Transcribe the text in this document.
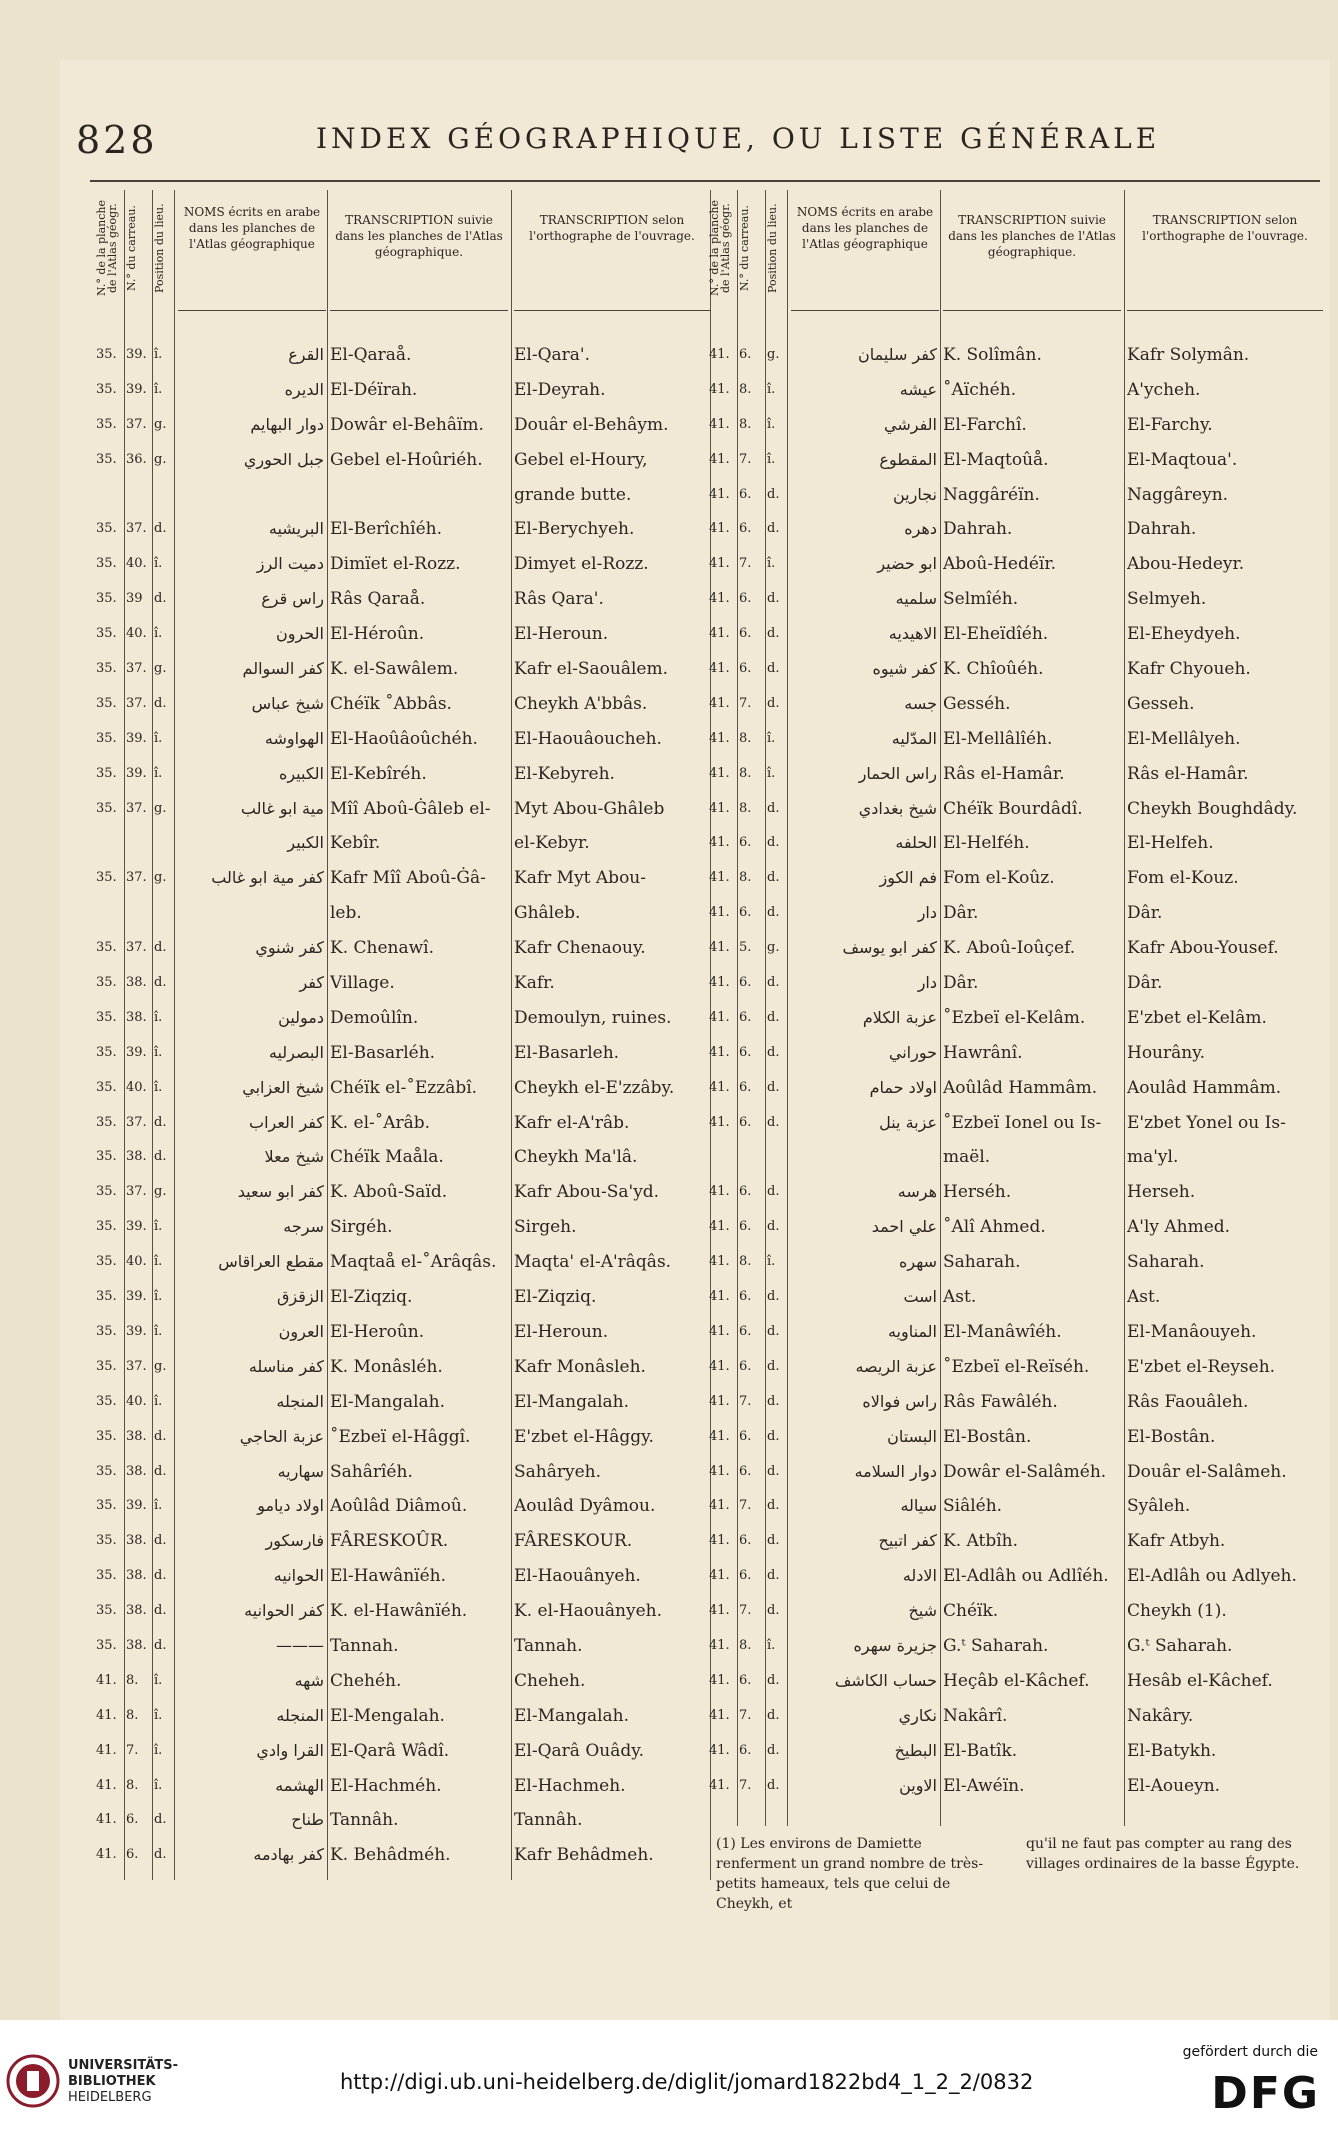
828	INDEX GÉOGRAPHIQUE, OU LISTE GÉNÉRALE
N.° de la planche de l'Atlas géogr. N.° du carreau.	Position du lieu.	NOMS écrits en arabe dans les planches de l'Atlas géographique
TRANSCRIPTION suivie dans les planches de l'Atlas géographique.
TRANSCRIPTION selon l'orthographe de l'ouvrage.
35. 39. î.	القرع El-Qaraå.	El-Qara'.
35. 39. î.	الديره El-Déïrah.	El-Deyrah.
35. 37. g.	دوار البهايم Dowâr el-Behâïm.	Douâr el-Behâym.
35. 36. g.	جبل الحوري Gebel el-Hoûriéh.	Gebel el-Houry,
grande butte.
35. 37. d.	البريشيه El-Berîchîéh.	El-Berychyeh.
35. 40. î.	دميت الرز Dimïet el-Rozz.	Dimyet el-Rozz.
35. 39 d.	راس قرع Râs Qaraå.	Râs Qara'.
35. 40. î.	الحرون El-Héroûn.	El-Heroun.
35. 37. g.	كفر السوالم K. el-Sawâlem.	Kafr el-Saouâlem.
35. 37. d.	شيخ عباس Chéïk ˚Abbâs.	Cheykh A'bbâs.
35. 39. î.	الهواوشه El-Haoûâoûchéh.	El-Haouâoucheh.
35. 39. î.	الكبيره El-Kebîréh.	El-Kebyreh.
35. 37. g.	مية ابو غالب Mîî Aboû-Ġâleb el-	Myt Abou-Ghâleb
الكبير Kebîr.	el-Kebyr.
35. 37. g.	كفر مية ابو غالب Kafr Mîî Aboû-Ġâ-	Kafr Myt Abou-
leb.	Ghâleb.
35. 37. d.	كفر شنوي K. Chenawî.	Kafr Chenaouy.
35. 38. d.	كفر Village.	Kafr.
35. 38. î.	دمولين Demoûlîn.	Demoulyn, ruines.
35. 39. î.	البصرليه El-Basarléh.	El-Basarleh.
35. 40. î.	شيخ العزابي Chéïk el-˚Ezzâbî.	Cheykh el-E'zzâby.
35. 37. d.	كفر العراب K. el-˚Arâb.	Kafr el-A'râb.
35. 38. d.	شيخ معلا Chéïk Maåla.	Cheykh Ma'lâ.
35. 37. g.	كفر ابو سعيد K. Aboû-Saïd.	Kafr Abou-Sa'yd.
35. 39. î.	سرجه Sirgéh.	Sirgeh.
35. 40. î.	مقطع العراقاس Maqtaå el-˚Arâqâs.	Maqta' el-A'râqâs.
35. 39. î.	الزقزق El-Ziqziq.	El-Ziqziq.
35. 39. î.	العرون El-Heroûn.	El-Heroun.
35. 37. g.	كفر مناسله K. Monâsléh.	Kafr Monâsleh.
35. 40. î.	المنجله El-Mangalah.	El-Mangalah.
35. 38. d.	عزبة الحاجي ˚Ezbeï el-Hâggî.	E'zbet el-Hâggy.
35. 38. d.	سهاريه Sahârîéh.	Sahâryeh.
35. 39. î.	اولاد ديامو Aoûlâd Diâmoû.	Aoulâd Dyâmou.
35. 38. d.	فارسكور FÂRESKOÛR.	FÂRESKOUR.
35. 38. d.	الحوانيه El-Hawânïéh.	El-Haouânyeh.
35. 38. d.	كفر الحوانيه K. el-Hawânïéh.	K. el-Haouânyeh.
35. 38. d.	——— Tannah.	Tannah.
41. 8.	î.	شهه Chehéh.	Cheheh.
41. 8.	î.	المنجله El-Mengalah.	El-Mangalah.
41. 7.	î.	القرا وادي El-Qarâ Wâdî.	El-Qarâ Ouâdy.
41. 8.	î.	الهشمه El-Hachméh.	El-Hachmeh.
41. 6.	d.	طناح Tannâh.	Tannâh.
41. 6.	d.	كفر بهادمه K. Behâdméh.	Kafr Behâdmeh.
N.° de la planche de l'Atlas géogr. N.° du carreau.	Position du lieu.	NOMS écrits en arabe dans les planches de l'Atlas géographique
TRANSCRIPTION suivie dans les planches de l'Atlas géographique.
TRANSCRIPTION selon l'orthographe de l'ouvrage.
41. 6.	g.	كفر سليمان K. Solîmân.	Kafr Solymân.
41. 8.	î.	عيشه ˚Aïchéh.	A'ycheh.
41. 8.	î.	الفرشي El-Farchî.	El-Farchy.
41. 7.	î.	المقطوع El-Maqtoûå.	El-Maqtoua'.
41. 6.	d.	نجارين Naggâréïn.	Naggâreyn.
41. 6.	d.	دهره Dahrah.	Dahrah.
41. 7.	î.	ابو حضير Aboû-Hedéïr.	Abou-Hedeyr.
41. 6.	d.	سلميه Selmîéh.	Selmyeh.
41. 6.	d.	الاهيديه El-Eheïdîéh.	El-Eheydyeh.
41. 6.	d.	كفر شيوه K. Chîoûéh.	Kafr Chyoueh.
41. 7.	d.	جسه Gesséh.	Gesseh.
41. 8.	î.	المدّليه El-Mellâlîéh.	El-Mellâlyeh.
41. 8.	î.	راس الحمار Râs el-Hamâr.	Râs el-Hamâr.
41. 8.	d.	شيخ بغدادي Chéïk Bourdâdî.	Cheykh Boughdâdy.
41. 6.	d.	الحلفه El-Helféh.	El-Helfeh.
41. 8.	d.	فم الكوز Fom el-Koûz.	Fom el-Kouz.
41. 6.	d.	دار Dâr.	Dâr.
41. 5.	g.	كفر ابو يوسف K. Aboû-Ioûçef.	Kafr Abou-Yousef.
41. 6.	d.	دار Dâr.	Dâr.
41. 6.	d.	عزبة الكلام ˚Ezbeï el-Kelâm.	E'zbet el-Kelâm.
41. 6.	d.	حوراني Hawrânî.	Hourâny.
41. 6.	d.	اولاد حمام Aoûlâd Hammâm.	Aoulâd Hammâm.
41. 6.	d.	عزبة ينل ˚Ezbeï Ionel ou Is-	E'zbet Yonel ou Is-
maël.	ma'yl.
41. 6.	d.	هرسه Herséh.	Herseh.
41. 6.	d.	علي احمد ˚Alî Ahmed.	A'ly Ahmed.
41. 8.	î.	سهره Saharah.	Saharah.
41. 6.	d.	است Ast.	Ast.
41. 6.	d.	المناويه El-Manâwîéh.	El-Manâouyeh.
41. 6.	d.	عزبة الريصه ˚Ezbeï el-Reïséh.	E'zbet el-Reyseh.
41. 7.	d.	راس فوالاه Râs Fawâléh.	Râs Faouâleh.
41. 6.	d.	البستان El-Bostân.	El-Bostân.
41. 6.	d.	دوار السلامه Dowâr el-Salâméh.	Douâr el-Salâmeh.
41. 7.	d.	سياله Siâléh.	Syâleh.
41. 6.	d.	كفر اتبيح K. Atbîh.	Kafr Atbyh.
41. 6.	d.	الادله El-Adlâh ou Adlîéh.	El-Adlâh ou Adlyeh.
41. 7.	d.	شيخ Chéïk.	Cheykh (1).
41. 8.	î.	جزيرة سهره G.ᵗ Saharah.	G.ᵗ Saharah.
41. 6.	d.	حساب الكاشف Heçâb el-Kâchef.	Hesâb el-Kâchef.
41. 7.	d.	نكاري Nakârî.	Nakâry.
41. 6.	d.	البطيخ El-Batîk.	El-Batykh.
41. 7.	d.	الاوين El-Awéïn.	El-Aoueyn.
(1) Les environs de Damiette renferment un grand nombre de très-petits hameaux, tels que celui de Cheykh, et
qu'il ne faut pas compter au rang des villages ordinaires de la basse Égypte.
UNIVERSITÄTS-
BIBLIOTHEK
HEIDELBERG
http://digi.ub.uni-heidelberg.de/diglit/jomard1822bd4_1_2_2/0832
gefördert durch die
DFG
